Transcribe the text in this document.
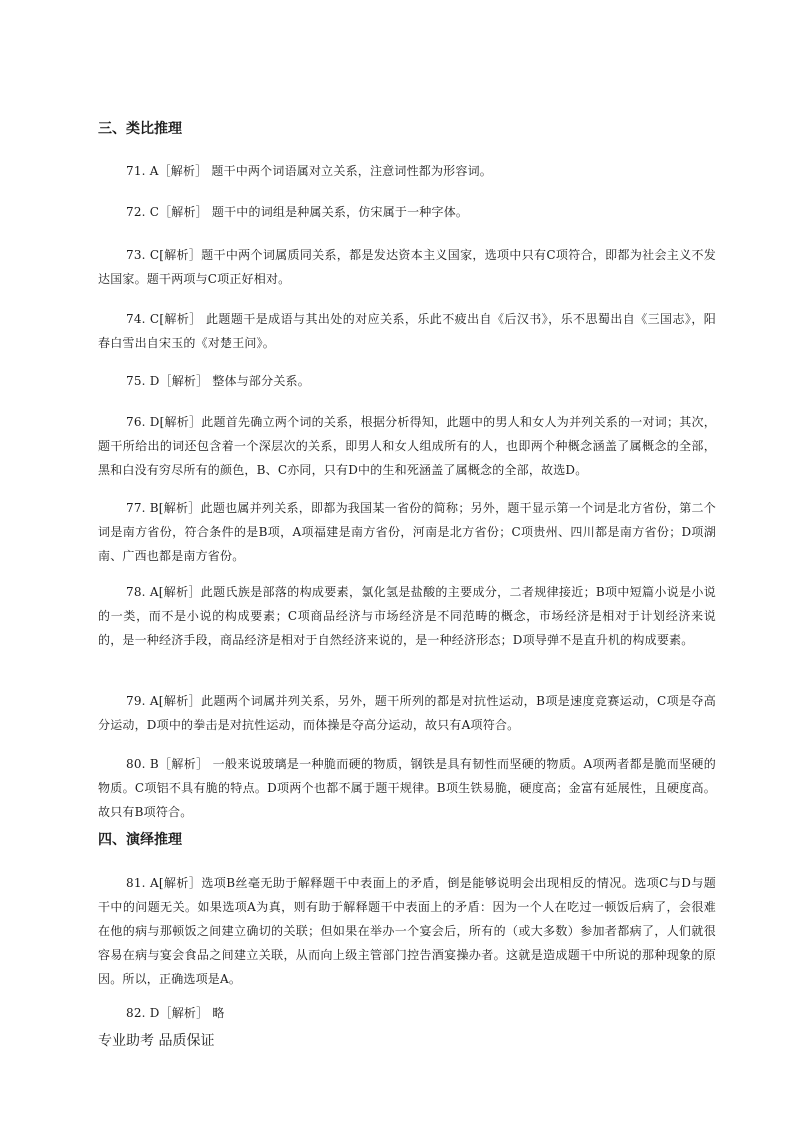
三、类比推理

71. A［解析］ 题干中两个词语属对立关系，注意词性都为形容词。

72. C［解析］ 题干中的词组是种属关系，仿宋属于一种字体。

73. C[解析］题干中两个词属质同关系，都是发达资本主义国家，选项中只有C项符合，即都为社会主义不发达国家。题干两项与C项正好相对。

74. C[解析］ 此题题干是成语与其出处的对应关系，乐此不疲出自《后汉书》，乐不思蜀出自《三国志》，阳春白雪出自宋玉的《对楚王问》。

75. D［解析］ 整体与部分关系。

76. D[解析］此题首先确立两个词的关系，根据分析得知，此题中的男人和女人为并列关系的一对词；其次，题干所给出的词还包含着一个深层次的关系，即男人和女人组成所有的人，也即两个种概念涵盖了属概念的全部，黑和白没有穷尽所有的颜色，B、C亦同，只有D中的生和死涵盖了属概念的全部，故选D。

77. B[解析］此题也属并列关系，即都为我国某一省份的简称；另外，题干显示第一个词是北方省份，第二个词是南方省份，符合条件的是B项，A项福建是南方省份，河南是北方省份；C项贵州、四川都是南方省份；D项湖南、广西也都是南方省份。

78. A[解析］此题氏族是部落的构成要素，氯化氢是盐酸的主要成分，二者规律接近；B项中短篇小说是小说的一类，而不是小说的构成要素；C项商品经济与市场经济是不同范畴的概念，市场经济是相对于计划经济来说的，是一种经济手段，商品经济是相对于自然经济来说的，是一种经济形态；D项导弹不是直升机的构成要素。

79. A[解析］此题两个词属并列关系，另外，题干所列的都是对抗性运动，B项是速度竞赛运动，C项是夺高分运动，D项中的拳击是对抗性运动，而体操是夺高分运动，故只有A项符合。

80. B［解析］ 一般来说玻璃是一种脆而硬的物质，钢铁是具有韧性而坚硬的物质。A项两者都是脆而坚硬的物质。C项铝不具有脆的特点。D项两个也都不属于题干规律。B项生铁易脆，硬度高；金富有延展性，且硬度高。故只有B项符合。

四、演绎推理

81. A[解析］选项B丝毫无助于解释题干中表面上的矛盾，倒是能够说明会出现相反的情况。选项C与D与题干中的问题无关。如果选项A为真，则有助于解释题干中表面上的矛盾：因为一个人在吃过一顿饭后病了，会很难在他的病与那顿饭之间建立确切的关联；但如果在举办一个宴会后，所有的（或大多数）参加者都病了，人们就很容易在病与宴会食品之间建立关联，从而向上级主管部门控告酒宴操办者。这就是造成题干中所说的那种现象的原因。所以，正确选项是A。

82. D［解析］ 略

专业助考 品质保证
